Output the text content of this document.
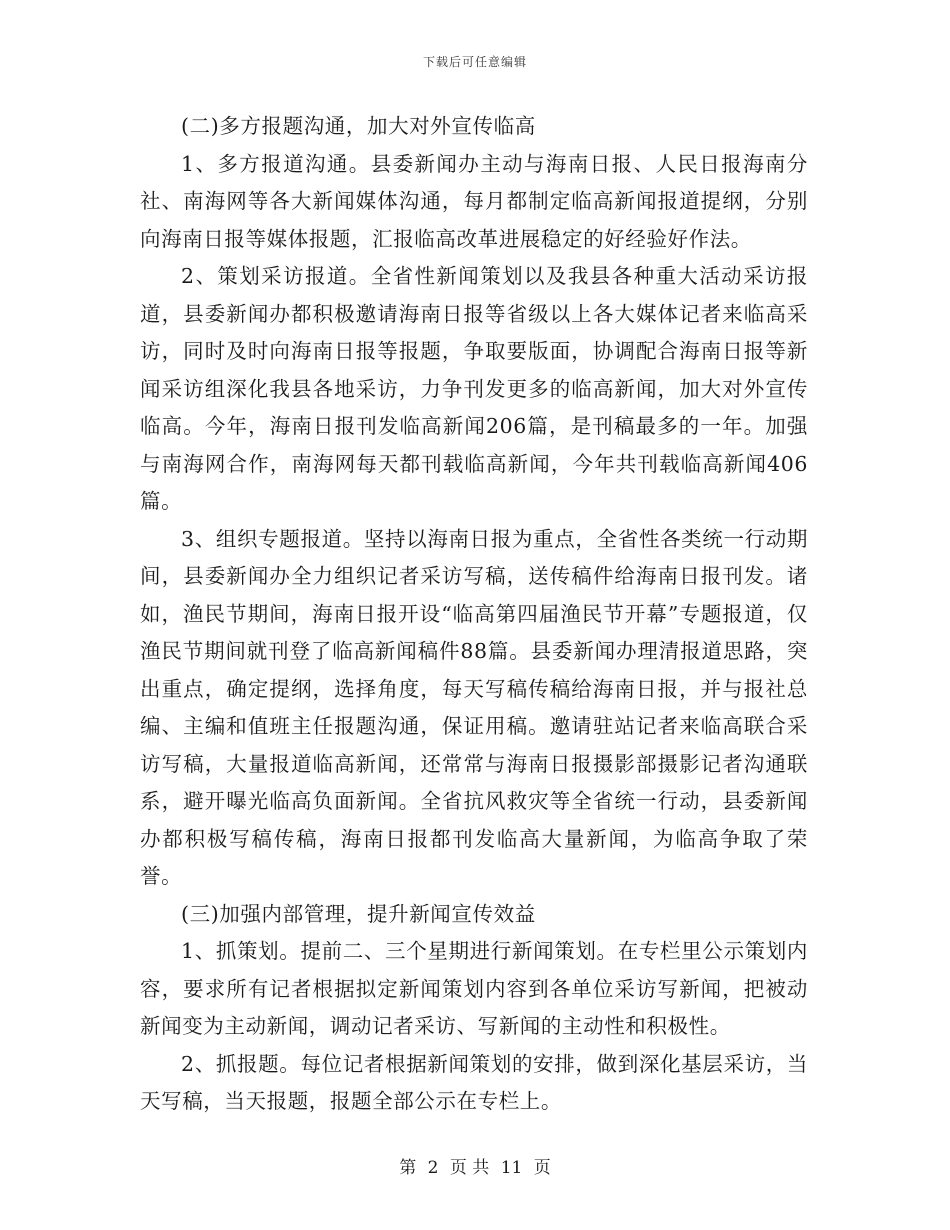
下载后可任意编辑

(二)多方报题沟通，加大对外宣传临高

1、多方报道沟通。县委新闻办主动与海南日报、人民日报海南分社、南海网等各大新闻媒体沟通，每月都制定临高新闻报道提纲，分别向海南日报等媒体报题，汇报临高改革进展稳定的好经验好作法。

2、策划采访报道。全省性新闻策划以及我县各种重大活动采访报道，县委新闻办都积极邀请海南日报等省级以上各大媒体记者来临高采访，同时及时向海南日报等报题，争取要版面，协调配合海南日报等新闻采访组深化我县各地采访，力争刊发更多的临高新闻，加大对外宣传临高。今年，海南日报刊发临高新闻206篇，是刊稿最多的一年。加强与南海网合作，南海网每天都刊载临高新闻，今年共刊载临高新闻406篇。

3、组织专题报道。坚持以海南日报为重点，全省性各类统一行动期间，县委新闻办全力组织记者采访写稿，送传稿件给海南日报刊发。诸如，渔民节期间，海南日报开设“临高第四届渔民节开幕”专题报道，仅渔民节期间就刊登了临高新闻稿件88篇。县委新闻办理清报道思路，突出重点，确定提纲，选择角度，每天写稿传稿给海南日报，并与报社总编、主编和值班主任报题沟通，保证用稿。邀请驻站记者来临高联合采访写稿，大量报道临高新闻，还常常与海南日报摄影部摄影记者沟通联系，避开曝光临高负面新闻。全省抗风救灾等全省统一行动，县委新闻办都积极写稿传稿，海南日报都刊发临高大量新闻，为临高争取了荣誉。

(三)加强内部管理，提升新闻宣传效益

1、抓策划。提前二、三个星期进行新闻策划。在专栏里公示策划内容，要求所有记者根据拟定新闻策划内容到各单位采访写新闻，把被动新闻变为主动新闻，调动记者采访、写新闻的主动性和积极性。

2、抓报题。每位记者根据新闻策划的安排，做到深化基层采访，当天写稿，当天报题，报题全部公示在专栏上。

第 2 页 共 11 页
